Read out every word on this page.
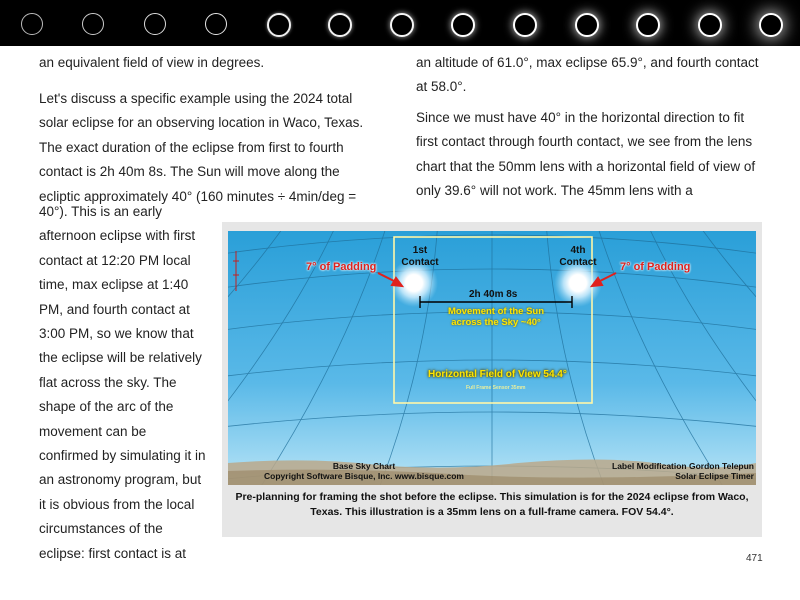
an equivalent field of view in degrees.

Let's discuss a specific example using the 2024 total solar eclipse for an observing location in Waco, Texas. The exact duration of the eclipse from first to fourth contact is 2h 40m 8s. The Sun will move along the ecliptic approximately 40° (160 minutes ÷ 4min/deg =

40°). This is an early afternoon eclipse with first contact at 12:20 PM local time, max eclipse at 1:40 PM, and fourth contact at 3:00 PM, so we know that the eclipse will be relatively flat across the sky. The shape of the arc of the movement can be confirmed by simulating it in an astronomy program, but it is obvious from the local circumstances of the eclipse: first contact is at

an altitude of 61.0°, max eclipse 65.9°, and fourth contact at 58.0°.

Since we must have 40° in the horizontal direction to fit first contact through fourth contact, we see from the lens chart that the 50mm lens with a horizontal field of view of only 39.6° will not work. The 45mm lens with a

1st
Contact
4th
Contact
7° of Padding	7° of Padding
2h 40m 8s
Movement of the Sun
across the Sky ~40°
Horizontal Field of View 54.4°
Full Frame Sensor 35mm
Base Sky Chart
Copyright Software Bisque, Inc. www.bisque.com
Label Modification Gordon Telepun
Solar Eclipse Timer
Pre-planning for framing the shot before the eclipse. This simulation is for the 2024 eclipse from Waco, Texas. This illustration is a 35mm lens on a full-frame camera. FOV 54.4°.
471
